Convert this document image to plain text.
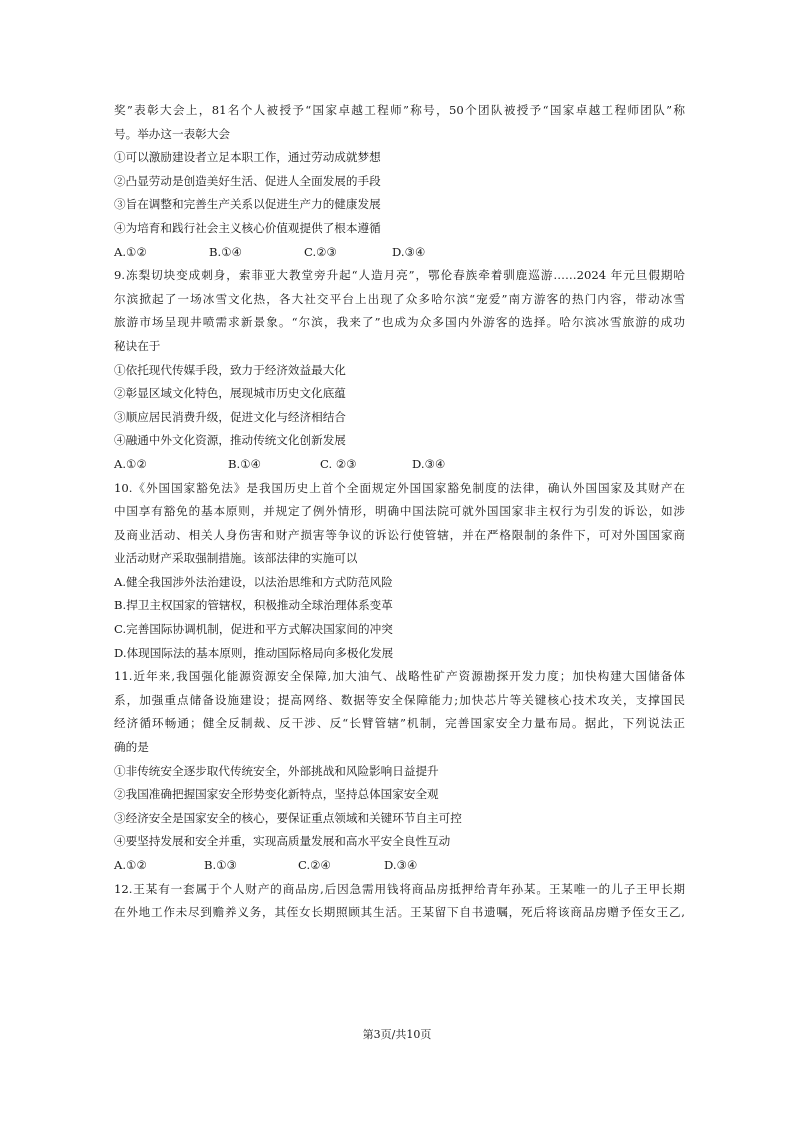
奖”表彰大会上，81名个人被授予“国家卓越工程师”称号，50个团队被授予“国家卓越工程师团队”称
号。举办这一表彰大会
①可以激励建设者立足本职工作，通过劳动成就梦想
②凸显劳动是创造美好生活、促进人全面发展的手段
③旨在调整和完善生产关系以促进生产力的健康发展
④为培育和践行社会主义核心价值观提供了根本遵循
A.①②	B.①④	C.②③	D.③④
9.冻梨切块变成刺身，索菲亚大教堂旁升起“人造月亮”，鄂伦春族牵着驯鹿巡游……2024 年元旦假期哈
尔滨掀起了一场冰雪文化热，各大社交平台上出现了众多哈尔滨“宠爱”南方游客的热门内容，带动冰雪
旅游市场呈现井喷需求新景象。“尔滨，我来了”也成为众多国内外游客的选择。哈尔滨冰雪旅游的成功
秘诀在于
①依托现代传媒手段，致力于经济效益最大化
②彰显区域文化特色，展现城市历史文化底蕴
③顺应居民消费升级，促进文化与经济相结合
④融通中外文化资源，推动传统文化创新发展
A.①②	B.①④	C. ②③	D.③④
10.《外国国家豁免法》是我国历史上首个全面规定外国国家豁免制度的法律，确认外国国家及其财产在
中国享有豁免的基本原则，并规定了例外情形，明确中国法院可就外国国家非主权行为引发的诉讼，如涉
及商业活动、相关人身伤害和财产损害等争议的诉讼行使管辖，并在严格限制的条件下，可对外国国家商
业活动财产采取强制措施。该部法律的实施可以
A.健全我国涉外法治建设，以法治思维和方式防范风险
B.捍卫主权国家的管辖权，积极推动全球治理体系变革
C.完善国际协调机制，促进和平方式解决国家间的冲突
D.体现国际法的基本原则，推动国际格局向多极化发展
11.近年来,我国强化能源资源安全保障,加大油气、战略性矿产资源勘探开发力度；加快构建大国储备体
系，加强重点储备设施建设；提高网络、数据等安全保障能力;加快芯片等关键核心技术攻关，支撑国民
经济循环畅通；健全反制裁、反干涉、反“长臂管辖”机制，完善国家安全力量布局。据此，下列说法正
确的是
①非传统安全逐步取代传统安全，外部挑战和风险影响日益提升
②我国准确把握国家安全形势变化新特点，坚持总体国家安全观
③经济安全是国家安全的核心，要保证重点领域和关键环节自主可控
④要坚持发展和安全并重，实现高质量发展和高水平安全良性互动
A.①②	B.①③	C.②④	D.③④
12.王某有一套属于个人财产的商品房,后因急需用钱将商品房抵押给青年孙某。王某唯一的儿子王甲长期
在外地工作未尽到赡养义务，其侄女长期照顾其生活。王某留下自书遗嘱，死后将该商品房赠予侄女王乙,
第3页/共10页
